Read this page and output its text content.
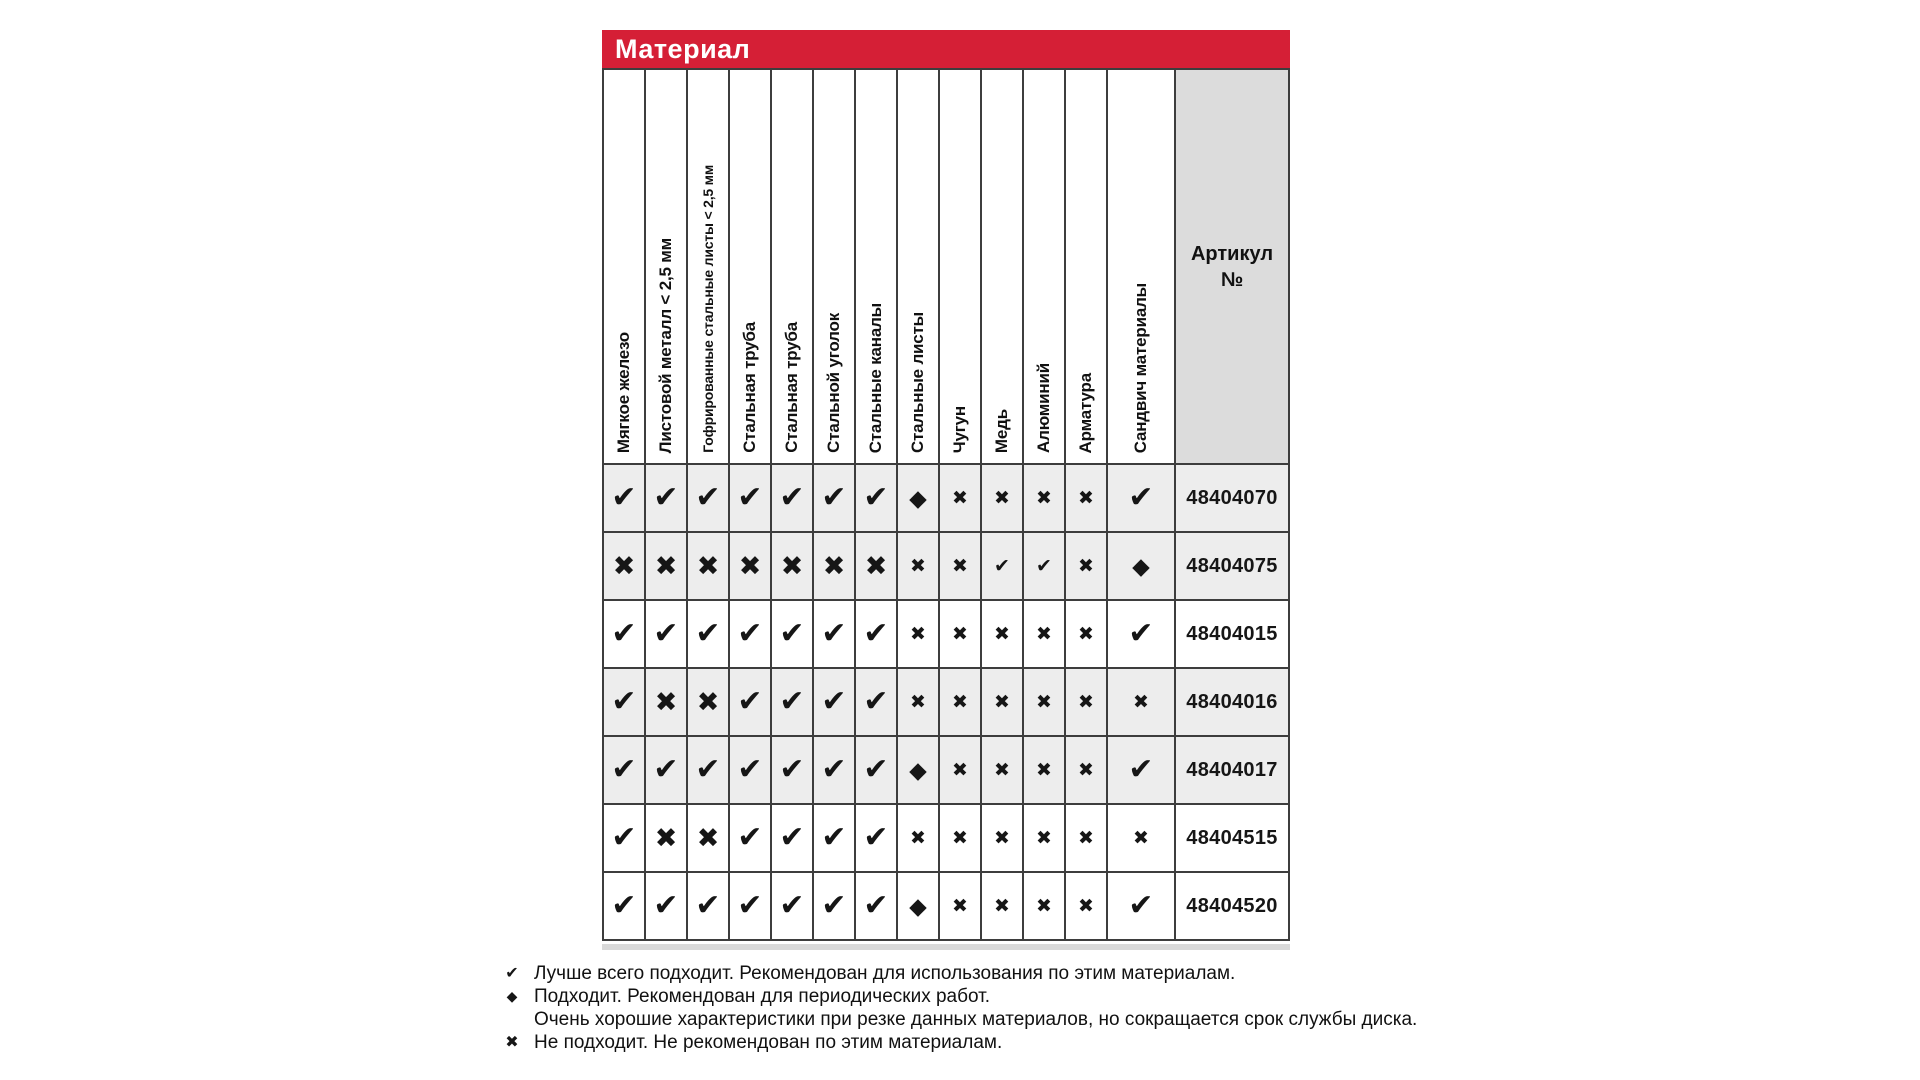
Материал
Мягкое железо Листовой металл < 2,5 мм Гофрированные стальные листы < 2,5 мм Стальная труба Стальная труба Стальной уголок Стальные каналы Стальные листы Чугун Медь Алюминий Арматура Сандвич материалы
Артикул
№
✔ ✔ ✔ ✔ ✔ ✔ ✔ ◆ ✖ ✖ ✖ ✖ ✔ 48404070
✖ ✖ ✖ ✖ ✖ ✖ ✖ ✖ ✖ ✔ ✔ ✖ ◆ 48404075
✔ ✔ ✔ ✔ ✔ ✔ ✔ ✖ ✖ ✖ ✖ ✖ ✔ 48404015
✔ ✖ ✖ ✔ ✔ ✔ ✔ ✖ ✖ ✖ ✖ ✖ ✖ 48404016
✔ ✔ ✔ ✔ ✔ ✔ ✔ ◆ ✖ ✖ ✖ ✖ ✔ 48404017
✔ ✖ ✖ ✔ ✔ ✔ ✔ ✖ ✖ ✖ ✖ ✖ ✖ 48404515
✔ ✔ ✔ ✔ ✔ ✔ ✔ ◆ ✖ ✖ ✖ ✖ ✔ 48404520
✔ Лучше всего подходит. Рекомендован для использования по этим материалам.
◆ Подходит. Рекомендован для периодических работ.
Очень хорошие характеристики при резке данных материалов, но сокращается срок службы диска.
✖ Не подходит. Не рекомендован по этим материалам.
